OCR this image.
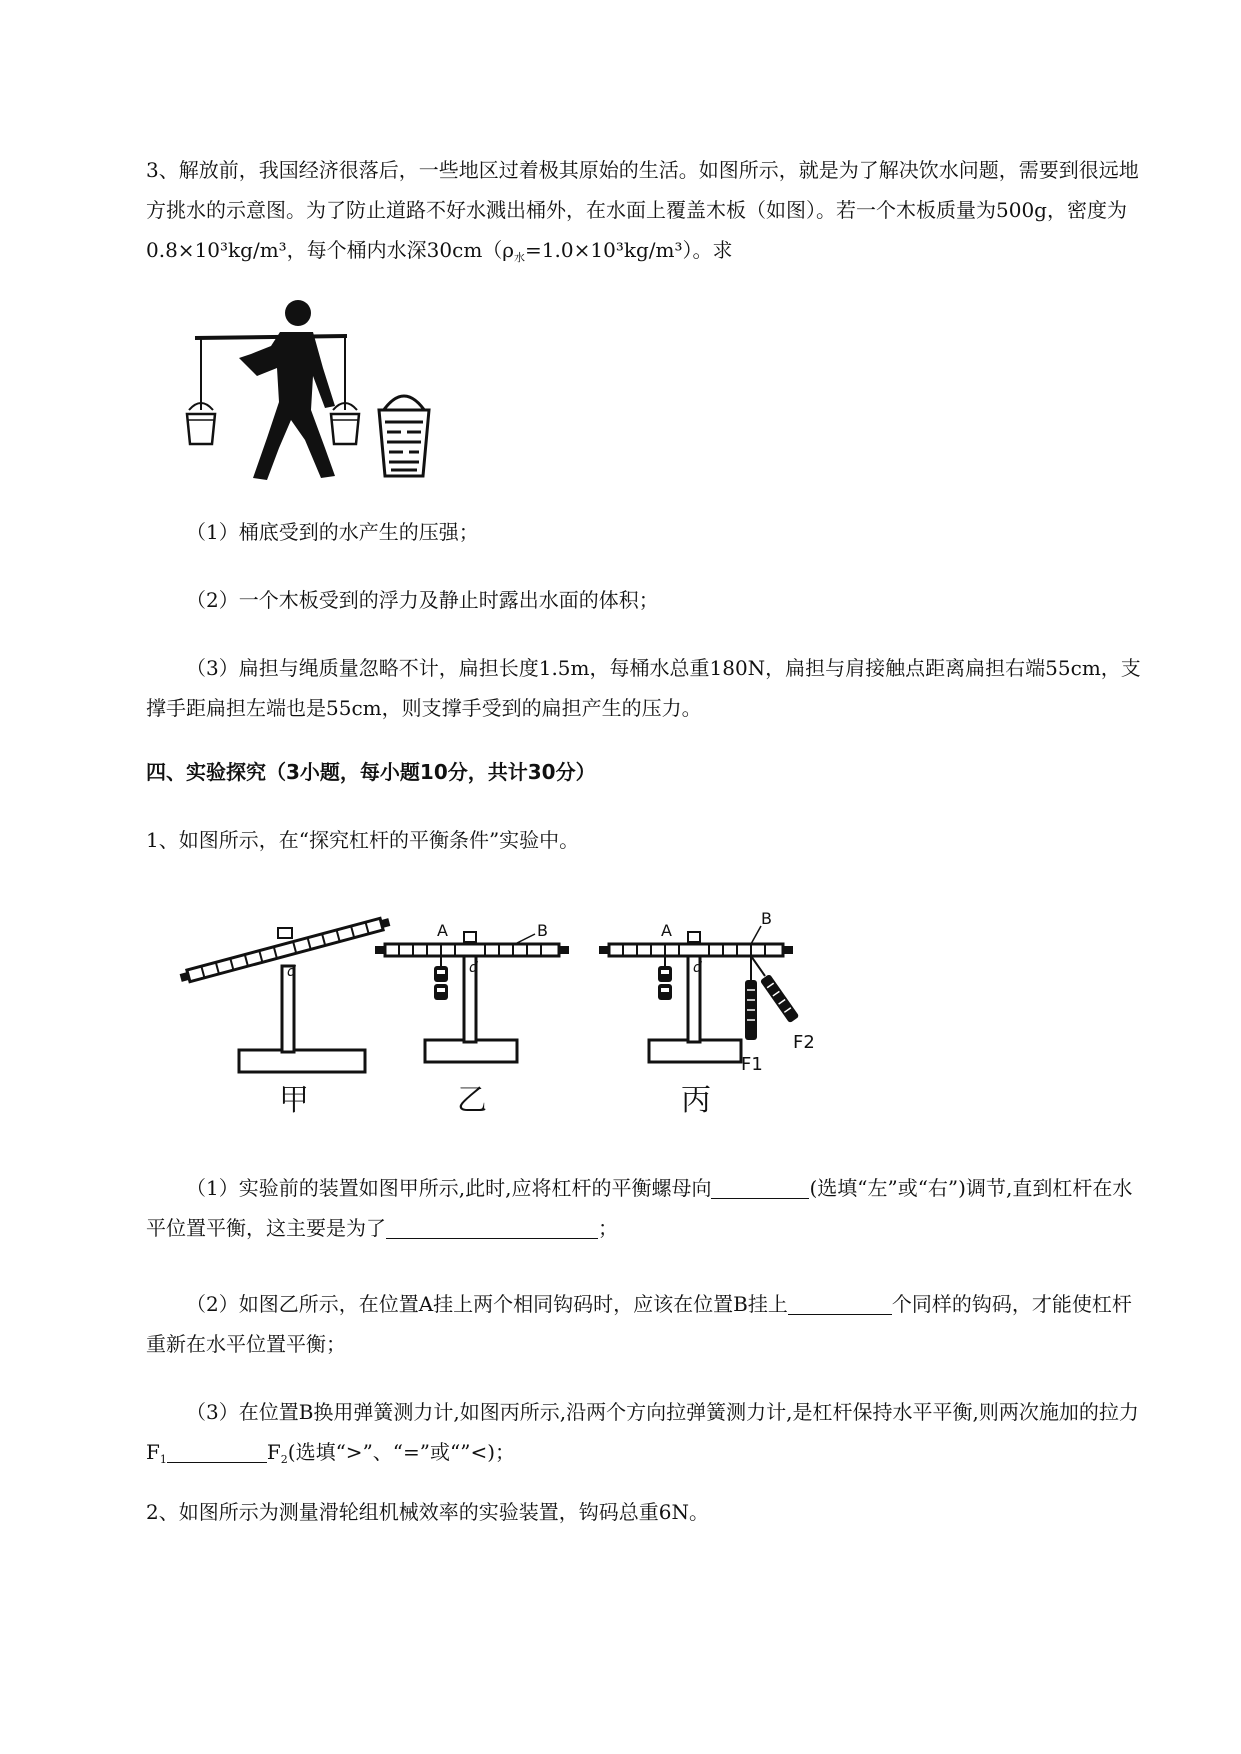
3、解放前，我国经济很落后，一些地区过着极其原始的生活。如图所示，就是为了解决饮水问题，需要到很远地方挑水的示意图。为了防止道路不好水溅出桶外，在水面上覆盖木板（如图）。若一个木板质量为500g，密度为0.8×10³kg/m³，每个桶内水深$30cm(\rho_水=1.0\times 10^3kg/m^3)$。求

（1）桶底受到的水产生的压强；

（2）一个木板受到的浮力及静止时露出水面的体积；

（3）扁担与绳质量忽略不计，扁担长度1.5m，每桶水总重180N，扁担与肩接触点距离扁担右端55cm，支撑手距扁担左端也是55cm，则支撑手受到的扁担产生的压力。

四、实验探究（3小题，每小题10分，共计30分）

1、如图所示，在“探究杠杆的平衡条件”实验中。

d
甲
d
A	B
乙
d
A
B
F1
F2
丙

（1）实验前的装置如图甲所示,此时,应将杠杆的平衡螺母向	(选填“左”或“右”)调节,直到杠杆在水平位置平衡，这主要是为了	；

（2）如图乙所示，在位置A挂上两个相同钩码时，应该在位置B挂上	个同样的钩码，才能使杠杆重新在水平位置平衡；

（3）在位置B换用弹簧测力计,如图丙所示,沿两个方向拉弹簧测力计,是杠杆保持水平平衡,则两次施加的拉力$F_1$	$F_2$(选填“>”、“=”或“”<)；

2、如图所示为测量滑轮组机械效率的实验装置，钩码总重6N。
